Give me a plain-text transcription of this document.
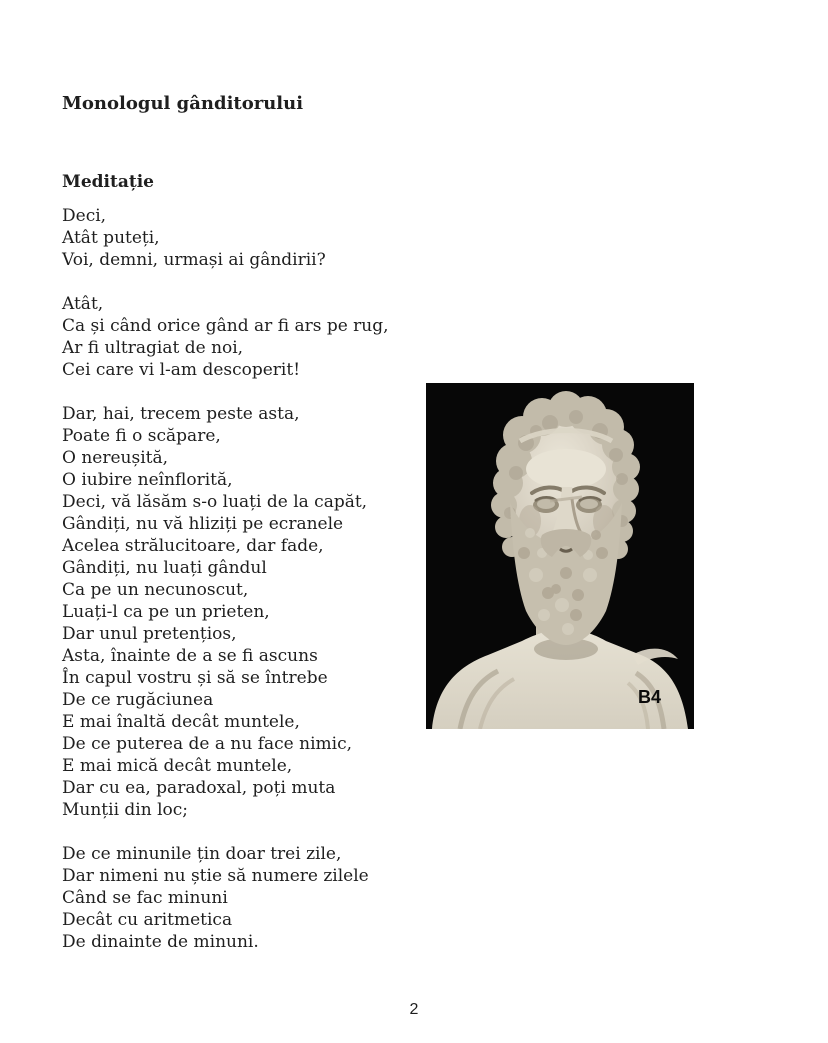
Monologul gânditorului
Meditație
Deci,
Atât puteți,
Voi, demni, urmași ai gândirii?
Atât,
Ca și când orice gând ar fi ars pe rug,
Ar fi ultragiat de noi,
Cei care vi l-am descoperit!
Dar, hai, trecem peste asta,
Poate fi o scăpare,
O nereușită,
O iubire neînflorită,
Deci, vă lăsăm s-o luați de la capăt,
Gândiți, nu vă hliziți pe ecranele
Acelea strălucitoare, dar fade,
Gândiți, nu luați gândul
Ca pe un necunoscut,
Luați-l ca pe un prieten,
Dar unul pretențios,
Asta, înainte de a se fi ascuns
În capul vostru și să se întrebe
De ce rugăciunea
E mai înaltă decât muntele,
De ce puterea de a nu face nimic,
E mai mică decât muntele,
Dar cu ea, paradoxal, poți muta
Munții din loc;
De ce minunile țin doar trei zile,
Dar nimeni nu știe să numere zilele
Când se fac minuni
Decât cu aritmetica
De dinainte de minuni.
B4
2
